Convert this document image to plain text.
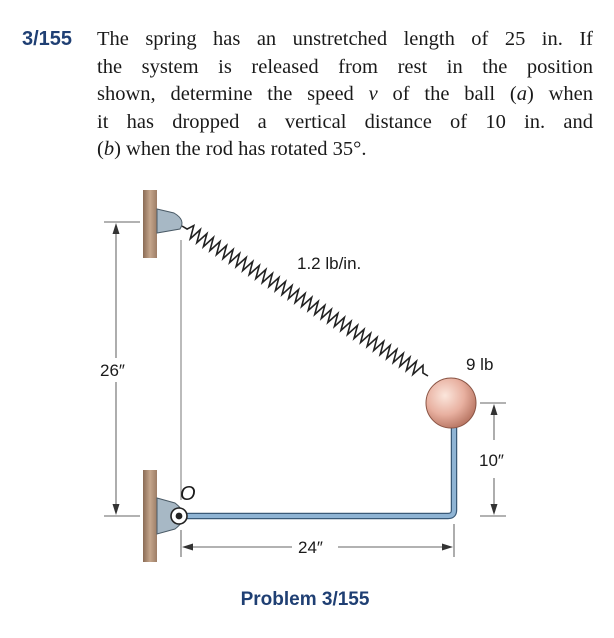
3/155 The spring has an unstretched length of 25 in. If
the system is released from rest in the position
shown, determine the speed v of the ball (a) when
it has dropped a vertical distance of 10 in. and
(b) when the rod has rotated 35°.
26″
10″
24″
1.2 lb/in.
9 lb
O
Problem 3/155
